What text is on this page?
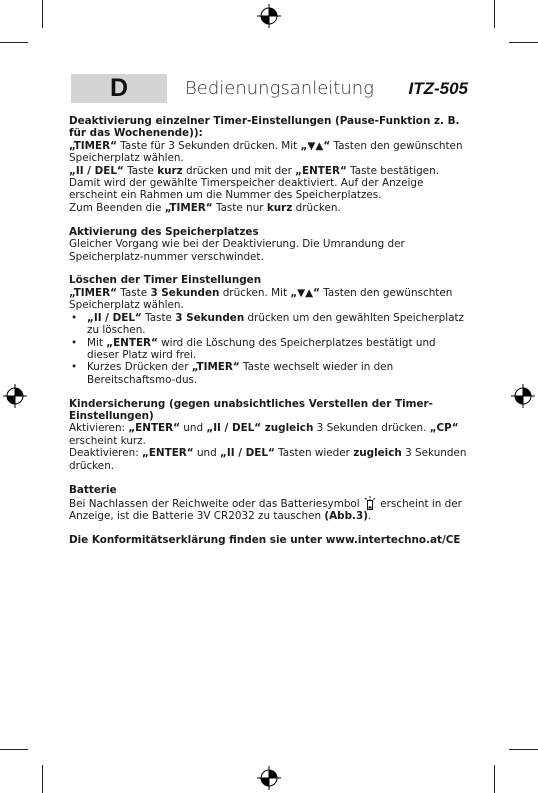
D	Bedienungsanleitung ITZ-505

Deaktivierung einzelner Timer-Einstellungen (Pause-Funktion z. B. für das Wochenende)):

„TIMER“ Taste für 3 Sekunden drücken. Mit „▼▲“ Tasten den gewünschten Speicherplatz wählen.

„II / DEL“ Taste kurz drücken und mit der „ENTER“ Taste bestätigen. Damit wird der gewählte Timerspeicher deaktiviert. Auf der Anzeige erscheint ein Rahmen um die Nummer des Speicherplatzes.

Zum Beenden die „TIMER“ Taste nur kurz drücken.

Aktivierung des Speicherplatzes

Gleicher Vorgang wie bei der Deaktivierung. Die Umrandung der Speicherplatz-nummer verschwindet.

Löschen der Timer Einstellungen

„TIMER“ Taste 3 Sekunden drücken. Mit „▼▲“ Tasten den gewünschten Speicherplatz wählen.

• „II / DEL“ Taste 3 Sekunden drücken um den gewählten Speicherplatz zu löschen.
• Mit „ENTER“ wird die Löschung des Speicherplatzes bestätigt und dieser Platz wird frei.
• Kurzes Drücken der „TIMER“ Taste wechselt wieder in den Bereitschaftsmo-dus.

Kindersicherung (gegen unabsichtliches Verstellen der Timer-Einstellungen)

Aktivieren: „ENTER“ und „II / DEL“ zugleich 3 Sekunden drücken. „CP“ erscheint kurz.

Deaktivieren: „ENTER“ und „II / DEL“ Tasten wieder zugleich 3 Sekunden drücken.

Batterie

Bei Nachlassen der Reichweite oder das Batteriesymbol  erscheint in der Anzeige, ist die Batterie 3V CR2032 zu tauschen (Abb.3).

Die Konformitätserklärung finden sie unter www.intertechno.at/CE
